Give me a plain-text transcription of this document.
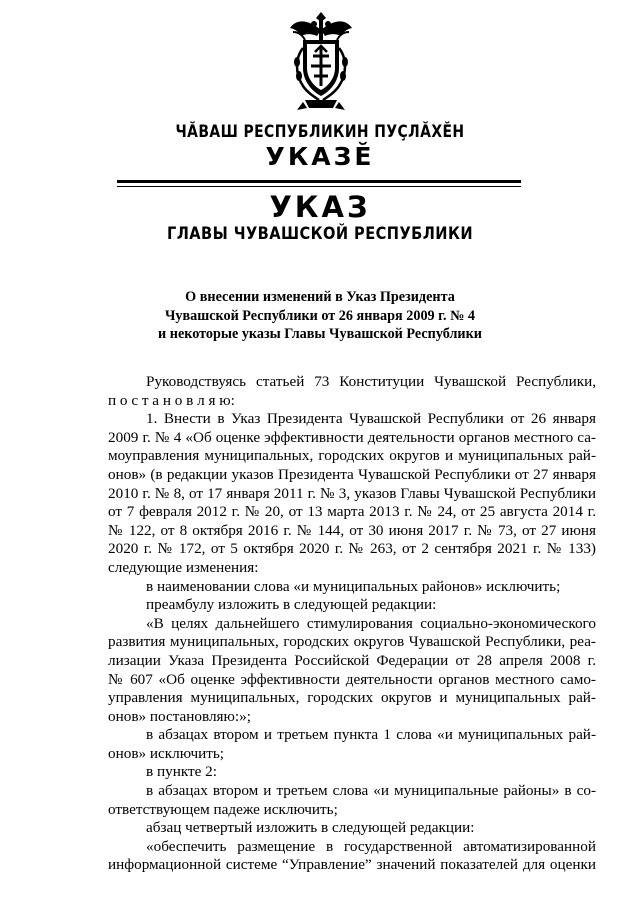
ЧĂВАШ РЕСПУБЛИКИН ПУÇЛĂХĔН
УКАЗĔ
УКАЗ
ГЛАВЫ ЧУВАШСКОЙ РЕСПУБЛИКИ
О внесении изменений в Указ Президента
Чувашской Республики от 26 января 2009 г. № 4
и некоторые указы Главы Чувашской Республики
Руководствуясь статьей 73 Конституции Чувашской Республики,
п о с т а н о в л я ю:
1. Внести в Указ Президента Чувашской Республики от 26 января
2009 г. № 4 «Об оценке эффективности деятельности органов местного са-
моуправления муниципальных, городских округов и муниципальных рай-
онов» (в редакции указов Президента Чувашской Республики от 27 января
2010 г. № 8, от 17 января 2011 г. № 3, указов Главы Чувашской Республики
от 7 февраля 2012 г. № 20, от 13 марта 2013 г. № 24, от 25 августа 2014 г.
№ 122, от 8 октября 2016 г. № 144, от 30 июня 2017 г. № 73, от 27 июня
2020 г. № 172, от 5 октября 2020 г. № 263, от 2 сентября 2021 г. № 133)
следующие изменения:
в наименовании слова «и муниципальных районов» исключить;
преамбулу изложить в следующей редакции:
«В целях дальнейшего стимулирования социально-экономического
развития муниципальных, городских округов Чувашской Республики, реа-
лизации Указа Президента Российской Федерации от 28 апреля 2008 г.
№ 607 «Об оценке эффективности деятельности органов местного само-
управления муниципальных, городских округов и муниципальных рай-
онов» постановляю:»;
в абзацах втором и третьем пункта 1 слова «и муниципальных рай-
онов» исключить;
в пункте 2:
в абзацах втором и третьем слова «и муниципальные районы» в со-
ответствующем падеже исключить;
абзац четвертый изложить в следующей редакции:
«обеспечить размещение в государственной автоматизированной
информационной системе “Управление” значений показателей для оценки
